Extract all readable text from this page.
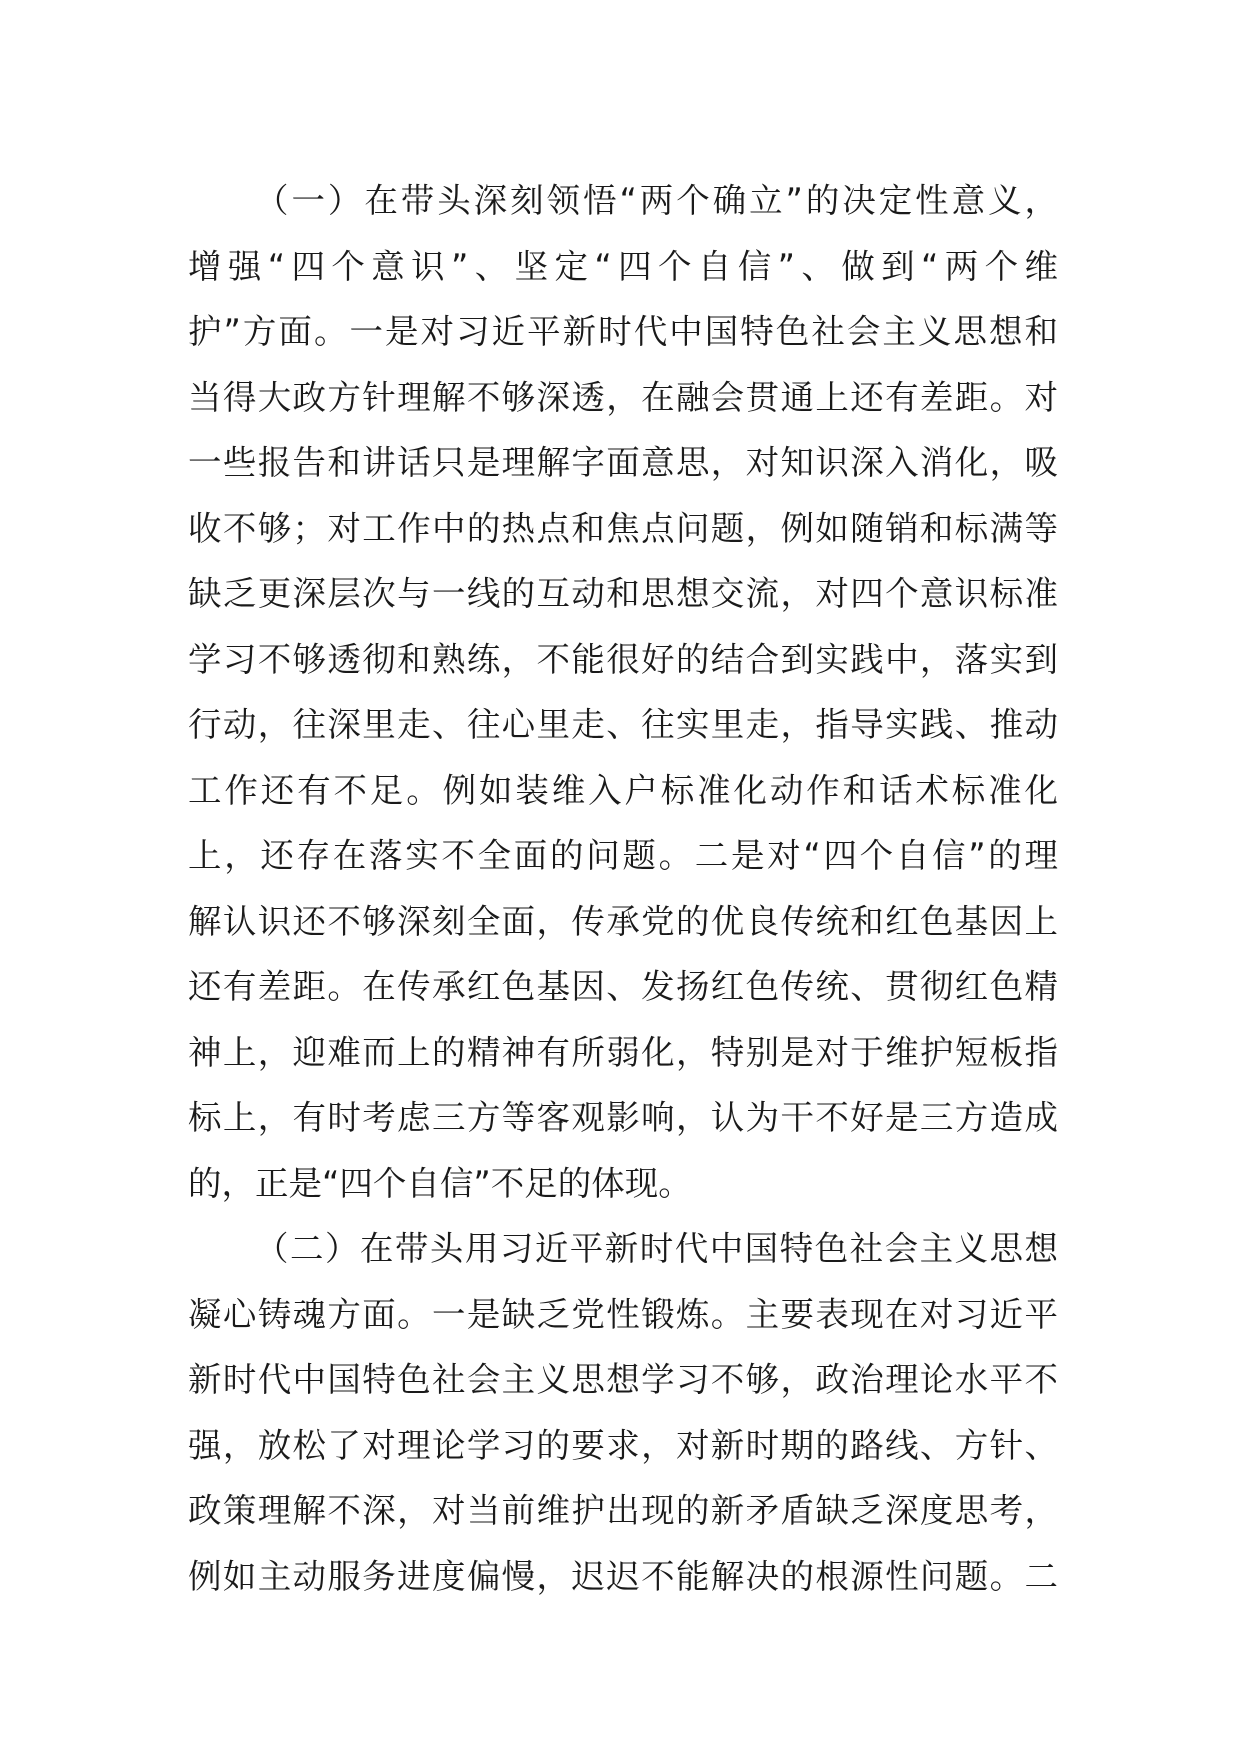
（一）在带头深刻领悟“两个确立”的决定性意义，
增强“四个意识”、坚定“四个自信”、做到“两个维
护”方面。一是对习近平新时代中国特色社会主义思想和
当得大政方针理解不够深透，在融会贯通上还有差距。对
一些报告和讲话只是理解字面意思，对知识深入消化，吸
收不够；对工作中的热点和焦点问题，例如随销和标满等
缺乏更深层次与一线的互动和思想交流，对四个意识标准
学习不够透彻和熟练，不能很好的结合到实践中，落实到
行动，往深里走、往心里走、往实里走，指导实践、推动
工作还有不足。例如装维入户标准化动作和话术标准化
上，还存在落实不全面的问题。二是对“四个自信”的理
解认识还不够深刻全面，传承党的优良传统和红色基因上
还有差距。在传承红色基因、发扬红色传统、贯彻红色精
神上，迎难而上的精神有所弱化，特别是对于维护短板指
标上，有时考虑三方等客观影响，认为干不好是三方造成
的，正是“四个自信”不足的体现。
（二）在带头用习近平新时代中国特色社会主义思想
凝心铸魂方面。一是缺乏党性锻炼。主要表现在对习近平
新时代中国特色社会主义思想学习不够，政治理论水平不
强，放松了对理论学习的要求，对新时期的路线、方针、
政策理解不深，对当前维护出现的新矛盾缺乏深度思考，
例如主动服务进度偏慢，迟迟不能解决的根源性问题。二
